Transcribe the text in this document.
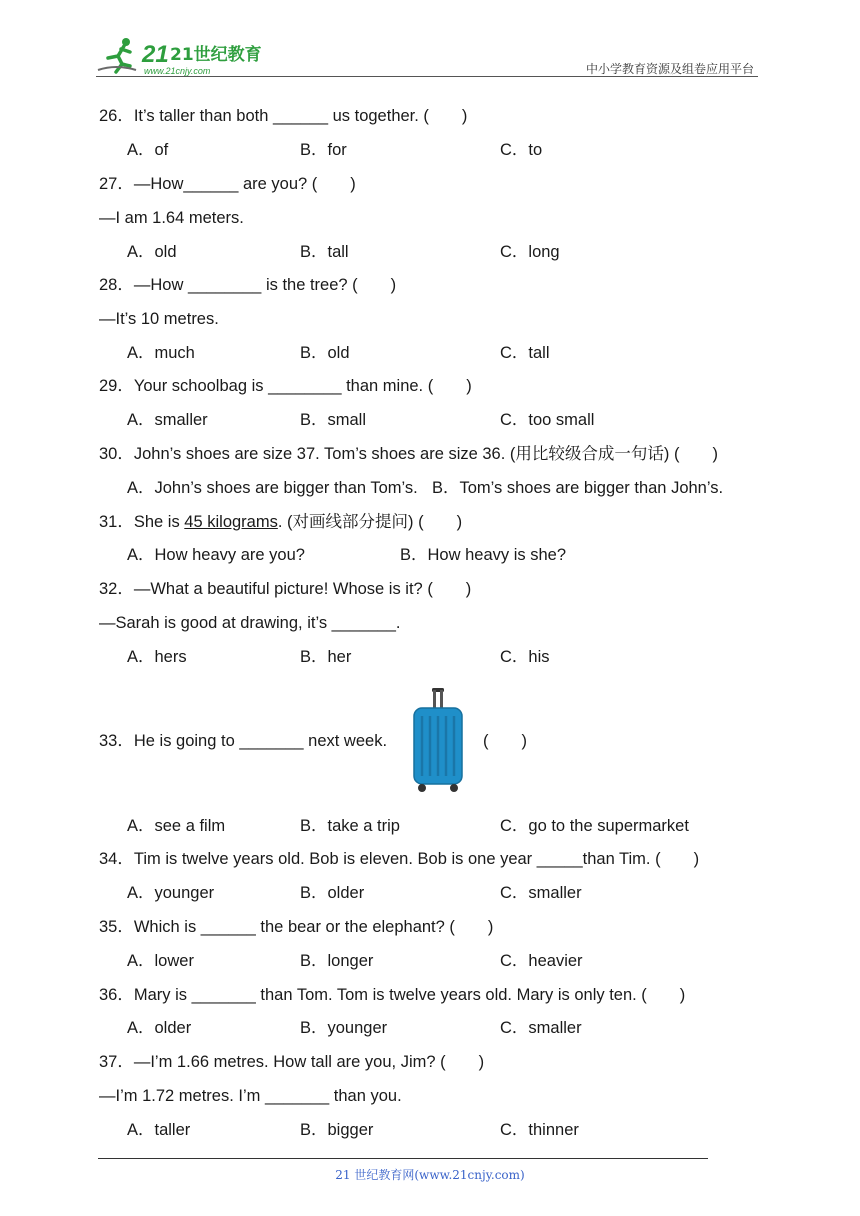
21 21世纪教育
www.21cnjy.com	中小学教育资源及组卷应用平台
26．It’s taller than both ______ us together. (　　)
A．of	B．for	C．to
27．—How______ are you? (　　)
—I am 1.64 meters.
A．old	B．tall	C．long
28．—How ________ is the tree? (　　)
—It’s 10 metres.
A．much	B．old	C．tall
29．Your schoolbag is ________ than mine. (　　)
A．smaller	B．small	C．too small
30．John’s shoes are size 37. Tom’s shoes are size 36. (用比较级合成一句话) (　　)
A．John’s shoes are bigger than Tom’s. B．Tom’s shoes are bigger than John’s.
31．She is 45 kilograms. (对画线部分提问) (　　)
A．How heavy are you?	B．How heavy is she?
32．—What a beautiful picture! Whose is it? (　　)
—Sarah is good at drawing, it’s _______.
A．hers	B．her	C．his
33．He is going to _______ next week.	(　　)
A．see a film	B．take a trip	C．go to the supermarket
34．Tim is twelve years old. Bob is eleven. Bob is one year _____than Tim. (　　)
A．younger	B．older	C．smaller
35．Which is ______ the bear or the elephant? (　　)
A．lower	B．longer	C．heavier
36．Mary is _______ than Tom. Tom is twelve years old. Mary is only ten. (　　)
A．older	B．younger	C．smaller
37．—I’m 1.66 metres. How tall are you, Jim? (　　)
—I’m 1.72 metres. I’m _______ than you.
A．taller	B．bigger	C．thinner
21 世纪教育网(www.21cnjy.com)
